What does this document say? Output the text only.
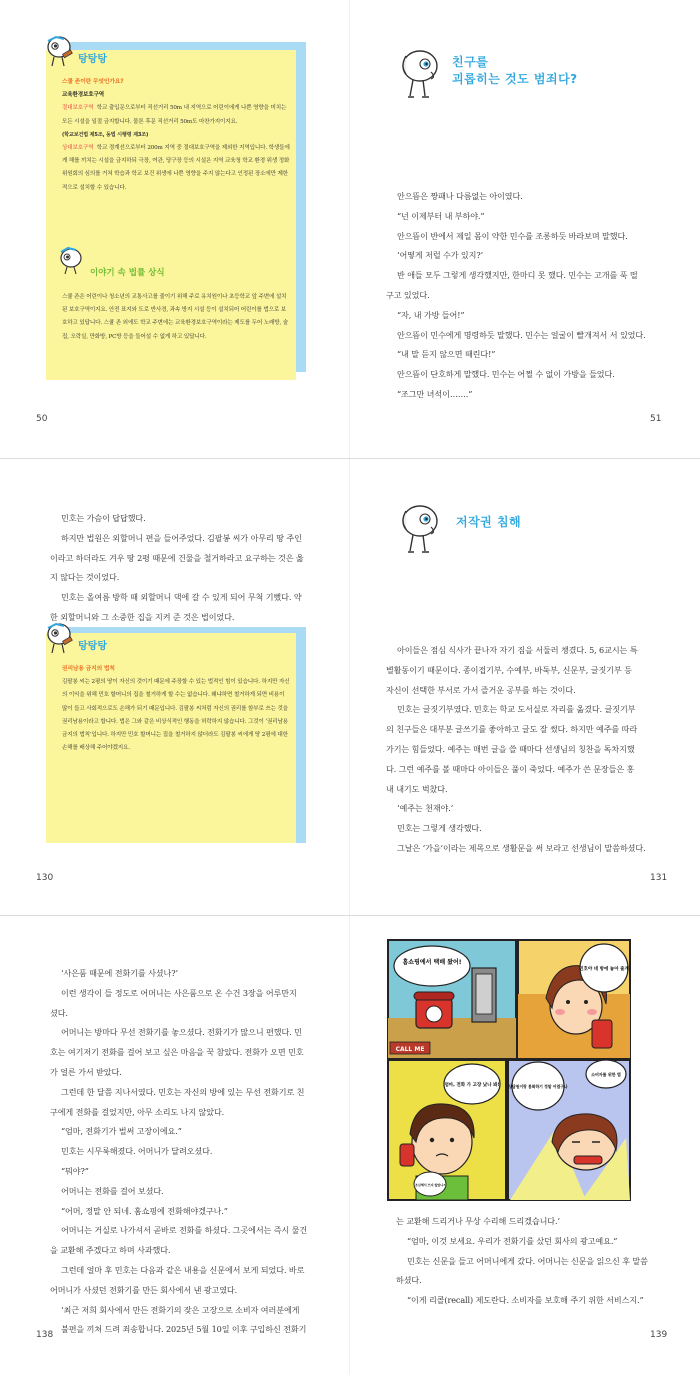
탕탕탕

스쿨 존이란 무엇인가요?

교육환경보호구역

절대보호구역 학교 출입문으로부터 직선거리 50m 내 지역으로 어린이에게 나쁜 영향을 미치는 모든 시설을 일절 금지합니다. 물론 후문 직선거리 50m도 마찬가지이지요.

(학교보건법 제5조, 동법 시행령 제3조)

상대보호구역 학교 경계선으로부터 200m 지역 중 절대보호구역을 제외한 지역입니다. 학생들에게 해를 끼치는 시설을 금지하되 극장, 여관, 당구장 등의 시설은 지역 교육청 학교 환경 위생 정화 위원회의 심의를 거쳐 학습과 학교 보건 위생에 나쁜 영향을 주지 않는다고 인정된 장소에만 제한적으로 설치할 수 있습니다.

이야기 속 법률 상식

스쿨 존은 어린이나 청소년의 교통사고를 줄이기 위해 주로 유치원이나 초등학교 앞 주변에 설치된 보호구역이지요. 안전 표지와 도로 반사경, 과속 방지 시설 등이 설치되어 어린이를 법으로 보호하고 있답니다. 스쿨 존 외에도 학교 주변에는 교육환경보호구역이라는 제도를 두어 노래방, 술집, 오락실, 만화방, PC방 등을 들어설 수 없게 하고 있답니다.

50
친구를
괴롭히는 것도 범죄다?

안으뜸은 짱패나 다름없는 아이였다.

“넌 이제부터 내 부하야.”

안으뜸이 반에서 제일 몸이 약한 민수를 조롱하듯 바라보며 말했다.

‘어떻게 저럴 수가 있지?’

반 애들 모두 그렇게 생각했지만, 한마디 못 했다. 민수는 고개를 푹 떨

구고 있었다.

“자, 내 가방 들어!”

안으뜸이 민수에게 명령하듯 말했다. 민수는 얼굴이 빨개져서 서 있었다.

“내 말 듣지 않으면 때린다!”

안으뜸이 단호하게 말했다. 민수는 어쩔 수 없이 가방을 들었다.

“조그만 녀석이…….”

51

민호는 가슴이 답답했다.

하지만 법원은 외할머니 편을 들어주었다. 김팔봉 씨가 아무리 땅 주인

이라고 하더라도 겨우 땅 2평 때문에 건물을 철거하라고 요구하는 것은 옳

지 않다는 것이었다.

민호는 올여름 방학 때 외할머니 댁에 갈 수 있게 되어 무척 기뻤다. 약

한 외할머니와 그 소중한 집을 지켜 준 것은 법이었다.

탕탕탕

권리남용 금지의 법칙

김팔봉 씨는 2평의 땅이 자신의 것이기 때문에 주장할 수 있는 법적인 힘이 있습니다. 하지만 자신의 이익을 위해 민호 할머니의 집을 철거하게 할 수는 없습니다. 왜냐하면 철거하게 되면 비용이 많이 들고 사회적으로도 손해가 되기 때문입니다. 김팔봉 씨처럼 자신의 권리를 함부로 쓰는 것을 권리남용이라고 합니다. 법은 그와 같은 비상식적인 행동을 허락하지 않습니다. 그것이 ‘권리남용 금지의 법칙’입니다. 하지만 민호 할머니는 집을 철거하지 않더라도 김팔봉 씨에게 땅 2평에 대한 손해를 배상해 주어야겠지요.

130
저작권 침해

아이들은 점심 식사가 끝나자 자기 짐을 서둘러 챙겼다. 5, 6교시는 특

별활동이기 때문이다. 종이접기부, 수예부, 바둑부, 신문부, 글짓기부 등

자신이 선택한 부서로 가서 즐거운 공부를 하는 것이다.

민호는 글짓기부였다. 민호는 학교 도서실로 자리를 옮겼다. 글짓기부

의 친구들은 대부분 글쓰기를 좋아하고 글도 잘 썼다. 하지만 예주를 따라

가기는 힘들었다. 예주는 매번 글을 쓸 때마다 선생님의 칭찬을 독차지했

다. 그런 예주를 볼 때마다 아이들은 풀이 죽었다. 예주가 쓴 문장들은 홍

내 내기도 벅찼다.

‘예주는 천재야.’

민호는 그렇게 생각했다.

그날은 ‘가을’이라는 제목으로 생활문을 써 보라고 선생님이 말씀하셨다.

131

‘사은품 때문에 전화기를 사셨나?’

이런 생각이 들 정도로 어머니는 사은품으로 온 수건 3장을 어루만지

셨다.

어머니는 방마다 무선 전화기를 놓으셨다. 전화기가 많으니 편했다. 민

호는 여기저기 전화를 걸어 보고 싶은 마음을 꾹 참았다. 전화가 오면 민호

가 얼른 가서 받았다.

그런데 한 달쯤 지나서였다. 민호는 자신의 방에 있는 무선 전화기로 친

구에게 전화를 걸었지만, 아무 소리도 나지 않았다.

“엄마, 전화기가 벌써 고장이에요.”

민호는 시무룩해졌다. 어머니가 달려오셨다.

“뭐야?”

어머니는 전화를 걸어 보셨다.

“어머, 정말 안 되네. 홈쇼핑에 전화해야겠구나.”

어머니는 거실로 나가셔서 곧바로 전화를 하셨다. 그곳에서는 즉시 물건

을 교환해 주겠다고 하며 사과했다.

그런데 얼마 후 민호는 다음과 같은 내용을 신문에서 보게 되었다. 바로

어머니가 사셨던 전화기를 만든 회사에서 낸 광고였다.

‘최근 저희 회사에서 만든 전화기의 잦은 고장으로 소비자 여러분에게

불편을 끼쳐 드려 죄송합니다. 2025년 5월 10일 이후 구입하신 전화기

138
홈쇼핑에서 택배 왔어!
민호야 네 방에 놓아 줄게
엄마, 전화 가 고장 났나 봐! 상담원이랑 통화하기 정말 어렵구나
소비자를 위한 법
조심해서 쓰지 않았니?
CALL ME

는 교환해 드리거나 무상 수리해 드리겠습니다.’

“엄마, 이것 보세요. 우리가 전화기를 샀던 회사의 광고예요.”

민호는 신문을 들고 어머니에게 갔다. 어머니는 신문을 읽으신 후 말씀

하셨다.

“이게 리콜(recall) 제도란다. 소비자를 보호해 주기 위한 서비스지.”

139
